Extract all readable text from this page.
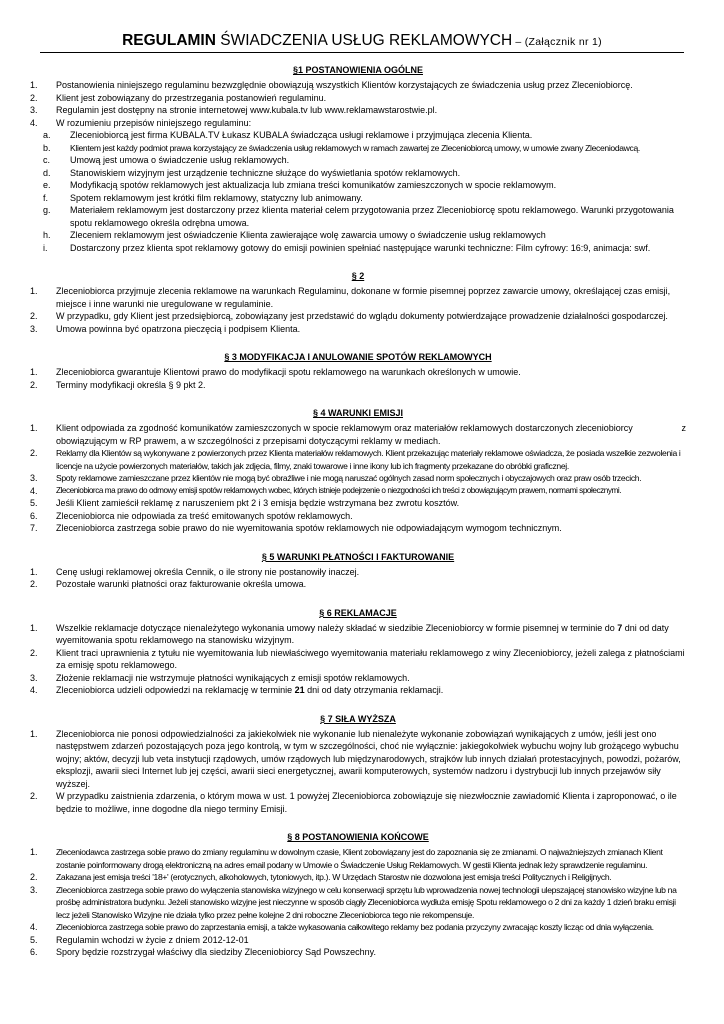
REGULAMIN ŚWIADCZENIA USŁUG REKLAMOWYCH – (Załącznik nr 1)
§1 POSTANOWIENIA OGÓLNE
1.	Postanowienia niniejszego regulaminu bezwzględnie obowiązują wszystkich Klientów korzystających ze świadczenia usług przez Zleceniobiorcę.
2.	Klient jest zobowiązany do przestrzegania postanowień regulaminu.
3.	Regulamin jest dostępny na stronie internetowej www.kubala.tv lub www.reklamawstarostwie.pl.
4.	W rozumieniu przepisów niniejszego regulaminu:
a.	Zleceniobiorcą jest firma KUBALA.TV Łukasz KUBALA świadcząca usługi reklamowe i przyjmująca zlecenia Klienta.
b.	Klientem jest każdy podmiot prawa korzystający ze świadczenia usług reklamowych w ramach zawartej ze Zleceniobiorcą umowy, w umowie zwany Zleceniodawcą.
c.	Umową jest umowa o świadczenie usług reklamowych.
d.	Stanowiskiem wizyjnym jest urządzenie techniczne służące do wyświetlania spotów reklamowych.
e.	Modyfikacją spotów reklamowych jest aktualizacja lub zmiana treści komunikatów zamieszczonych w spocie reklamowym.
f.	Spotem reklamowym jest krótki film reklamowy, statyczny lub animowany.
g.	Materiałem reklamowym jest dostarczony przez klienta materiał celem przygotowania przez Zleceniobiorcę spotu reklamowego. Warunki przygotowania spotu reklamowego określa odrębna umowa.
h.	Zleceniem reklamowym jest oświadczenie Klienta zawierające wolę zawarcia umowy o świadczenie usług reklamowych
i.	Dostarczony przez klienta spot reklamowy gotowy do emisji powinien spełniać następujące warunki techniczne: Film cyfrowy: 16:9, animacja: swf.
§ 2
1.	Zleceniobiorca przyjmuje zlecenia reklamowe na warunkach Regulaminu, dokonane w formie pisemnej poprzez zawarcie umowy, określającej czas emisji, miejsce i inne warunki nie uregulowane w regulaminie.
2.	W przypadku, gdy Klient jest przedsiębiorcą, zobowiązany jest przedstawić do wglądu dokumenty potwierdzające prowadzenie działalności gospodarczej.
3.	Umowa powinna być opatrzona pieczęcią i podpisem Klienta.
§ 3 MODYFIKACJA I ANULOWANIE SPOTÓW REKLAMOWYCH
1.	Zleceniobiorca gwarantuje Klientowi prawo do modyfikacji spotu reklamowego na warunkach określonych w umowie.
2.	Terminy modyfikacji określa § 9 pkt 2.
§ 4 WARUNKI EMISJI
1.	z
Klient odpowiada za zgodność komunikatów zamieszczonych w spocie reklamowym oraz materiałów reklamowych dostarczonych zleceniobiorcy
obowiązującym w RP prawem, a w szczególności z przepisami dotyczącymi reklamy w mediach.
2.	Reklamy dla Klientów są wykonywane z powierzonych przez Klienta materiałów reklamowych. Klient przekazując materiały reklamowe oświadcza, że posiada wszelkie zezwolenia i licencje na użycie powierzonych materiałów, takich jak zdjęcia, filmy, znaki towarowe i inne ikony lub ich fragmenty przekazane do obróbki graficznej.
3.	Spoty reklamowe zamieszczane przez klientów nie mogą być obraźliwe i nie mogą naruszać ogólnych zasad norm społecznych i obyczajowych oraz praw osób trzecich.
4.	Zleceniobiorca ma prawo do odmowy emisji spotów reklamowych wobec, których istnieje podejrzenie o niezgodności ich treści z obowiązującym prawem, normami społecznymi.
5.	Jeśli Klient zamieścił reklamę z naruszeniem pkt 2 i 3 emisja będzie wstrzymana bez zwrotu kosztów.
6.	Zleceniobiorca nie odpowiada za treść emitowanych spotów reklamowych.
7.	Zleceniobiorca zastrzega sobie prawo do nie wyemitowania spotów reklamowych nie odpowiadającym wymogom technicznym.
§ 5 WARUNKI PŁATNOŚCI I FAKTUROWANIE
1.	Cenę usługi reklamowej określa Cennik, o ile strony nie postanowiły inaczej.
2.	Pozostałe warunki płatności oraz fakturowanie określa umowa.
§ 6 REKLAMACJE
1.	Wszelkie reklamacje dotyczące nienależytego wykonania umowy należy składać w siedzibie Zleceniobiorcy w formie pisemnej w terminie do 7 dni od daty wyemitowania spotu reklamowego na stanowisku wizyjnym.
2.	Klient traci uprawnienia z tytułu nie wyemitowania lub niewłaściwego wyemitowania materiału reklamowego z winy Zleceniobiorcy, jeżeli zalega z płatnościami za emisję spotu reklamowego.
3.	Złożenie reklamacji nie wstrzymuje płatności wynikających z emisji spotów reklamowych.
4.	Zleceniobiorca udzieli odpowiedzi na reklamację w terminie 21 dni od daty otrzymania reklamacji.
§ 7 SIŁA WYŻSZA
1.	Zleceniobiorca nie ponosi odpowiedzialności za jakiekolwiek nie wykonanie lub nienależyte wykonanie zobowiązań wynikających z umów, jeśli jest ono następstwem zdarzeń pozostających poza jego kontrolą, w tym w szczególności, choć nie wyłącznie: jakiegokolwiek wybuchu wojny lub grożącego wybuchu wojny; aktów, decyzji lub veta instytucji rządowych, umów rządowych lub międzynarodowych, strajków lub innych działań protestacyjnych, powodzi, pożarów, eksplozji, awarii sieci Internet lub jej części, awarii sieci energetycznej, awarii komputerowych, systemów nadzoru i dystrybucji lub innych przejawów siły wyższej.
2.	W przypadku zaistnienia zdarzenia, o którym mowa w ust. 1 powyżej Zleceniobiorca zobowiązuje się niezwłocznie zawiadomić Klienta i zaproponować, o ile będzie to możliwe, inne dogodne dla niego terminy Emisji.
§ 8 POSTANOWIENIA KOŃCOWE
1.	Zleceniodawca zastrzega sobie prawo do zmiany regulaminu w dowolnym czasie, Klient zobowiązany jest do zapoznania się ze zmianami. O najważniejszych zmianach Klient zostanie poinformowany drogą elektroniczną na adres email podany w Umowie o Świadczenie Usług Reklamowych. W gestii Klienta jednak leży sprawdzenie regulaminu.
2.	Zakazana jest emisja treści '18+' (erotycznych, alkoholowych, tytoniowych, itp.). W Urzędach Starostw nie dozwolona jest emisja treści Politycznych i Religijnych.
3.	Zleceniobiorca zastrzega sobie prawo do wyłączenia stanowiska wizyjnego w celu konserwacji sprzętu lub wprowadzenia nowej technologii ulepszającej stanowisko wizyjne lub na prośbę administratora budynku. Jeżeli stanowisko wizyjne jest nieczynne w sposób ciągły Zleceniobiorca wydłuża emisję Spotu reklamowego o 2 dni za każdy 1 dzień braku emisji lecz jeżeli Stanowisko Wizyjne nie działa tylko przez pełne kolejne 2 dni roboczne Zleceniobiorca tego nie rekompensuje.
4.	Zleceniobiorca zastrzega sobie prawo do zaprzestania emisji, a także wykasowania całkowitego reklamy bez podania przyczyny zwracając koszty licząc od dnia wyłączenia.
5.	Regulamin wchodzi w życie z dniem 2012-12-01
6.	Spory będzie rozstrzygał właściwy dla siedziby Zleceniobiorcy Sąd Powszechny.
